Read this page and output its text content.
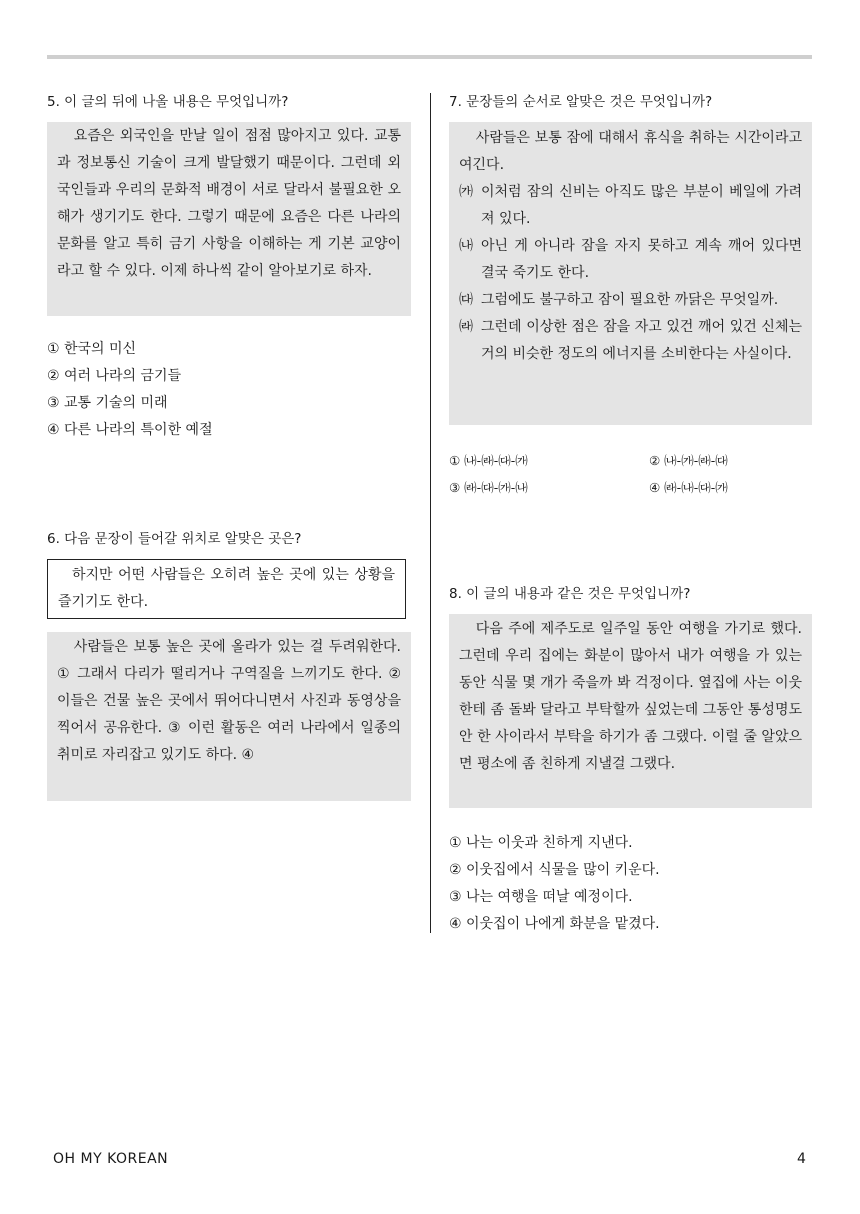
5. 이 글의 뒤에 나올 내용은 무엇입니까?

요즘은 외국인을 만날 일이 점점 많아지고 있다. 교통과 정보통신 기술이 크게 발달했기 때문이다. 그런데 외국인들과 우리의 문화적 배경이 서로 달라서 불필요한 오해가 생기기도 한다. 그렇기 때문에 요즘은 다른 나라의 문화를 알고 특히 금기 사항을 이해하는 게 기본 교양이라고 할 수 있다. 이제 하나씩 같이 알아보기로 하자.

① 한국의 미신
② 여러 나라의 금기들
③ 교통 기술의 미래
④ 다른 나라의 특이한 예절
6. 다음 문장이 들어갈 위치로 알맞은 곳은?

하지만 어떤 사람들은 오히려 높은 곳에 있는 상황을 즐기기도 한다.

사람들은 보통 높은 곳에 올라가 있는 걸 두려워한다. ① 그래서 다리가 떨리거나 구역질을 느끼기도 한다. ② 이들은 건물 높은 곳에서 뛰어다니면서 사진과 동영상을 찍어서 공유한다. ③ 이런 활동은 여러 나라에서 일종의 취미로 자리잡고 있기도 하다. ④

7. 문장들의 순서로 알맞은 것은 무엇입니까?

사람들은 보통 잠에 대해서 휴식을 취하는 시간이라고 여긴다.

㈎ 이처럼 잠의 신비는 아직도 많은 부분이 베일에 가려져 있다.
㈏ 아닌 게 아니라 잠을 자지 못하고 계속 깨어 있다면 결국 죽기도 한다.
㈐ 그럼에도 불구하고 잠이 필요한 까닭은 무엇일까.
㈑ 그런데 이상한 점은 잠을 자고 있건 깨어 있건 신체는 거의 비슷한 정도의 에너지를 소비한다는 사실이다.
① ㈏-㈑-㈐-㈎	② ㈏-㈎-㈑-㈐
③ ㈑-㈐-㈎-㈏	④ ㈑-㈏-㈐-㈎
8. 이 글의 내용과 같은 것은 무엇입니까?

다음 주에 제주도로 일주일 동안 여행을 가기로 했다. 그런데 우리 집에는 화분이 많아서 내가 여행을 가 있는 동안 식물 몇 개가 죽을까 봐 걱정이다. 옆집에 사는 이웃한테 좀 돌봐 달라고 부탁할까 싶었는데 그동안 통성명도 안 한 사이라서 부탁을 하기가 좀 그랬다. 이럴 줄 알았으면 평소에 좀 친하게 지낼걸 그랬다.

① 나는 이웃과 친하게 지낸다.
② 이웃집에서 식물을 많이 키운다.
③ 나는 여행을 떠날 예정이다.
④ 이웃집이 나에게 화분을 맡겼다.
OH MY KOREAN	4
